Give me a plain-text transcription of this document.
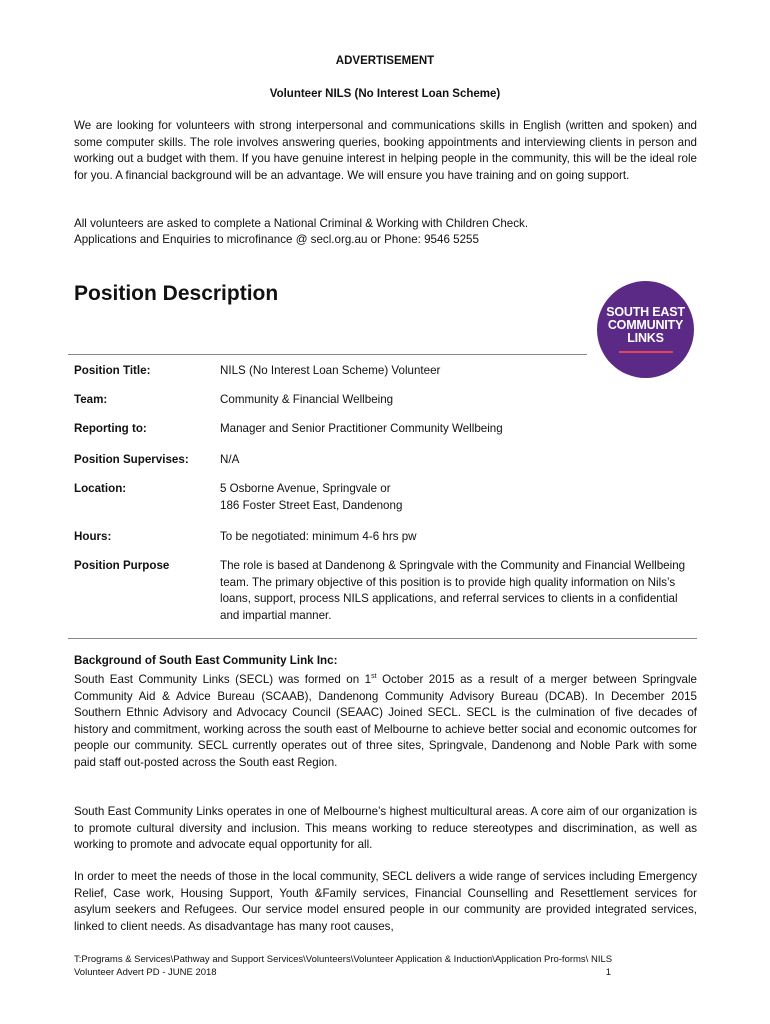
ADVERTISEMENT
Volunteer NILS (No Interest Loan Scheme)

We are looking for volunteers with strong interpersonal and communications skills in English (written and spoken) and some computer skills. The role involves answering queries, booking appointments and interviewing clients in person and working out a budget with them. If you have genuine interest in helping people in the community, this will be the ideal role for you. A financial background will be an advantage. We will ensure you have training and on going support.

All volunteers are asked to complete a National Criminal & Working with Children Check.

Applications and Enquiries to microfinance @ secl.org.au or Phone: 9546 5255

Position Description
SOUTH EAST
COMMUNITY
LINKS
Position Title:	NILS (No Interest Loan Scheme) Volunteer
Team:	Community & Financial Wellbeing
Reporting to:	Manager and Senior Practitioner Community Wellbeing
Position Supervises:	N/A
Location:	5 Osborne Avenue, Springvale or
186 Foster Street East, Dandenong
Hours:	To be negotiated: minimum 4-6 hrs pw
Position Purpose	The role is based at Dandenong & Springvale with the Community and Financial Wellbeing team. The primary objective of this position is to provide high quality information on Nils’s loans, support, process NILS applications, and referral services to clients in a confidential and impartial manner.
Background of South East Community Link Inc:

South East Community Links (SECL) was formed on 1st October 2015 as a result of a merger between Springvale Community Aid & Advice Bureau (SCAAB), Dandenong Community Advisory Bureau (DCAB). In December 2015 Southern Ethnic Advisory and Advocacy Council (SEAAC) Joined SECL. SECL is the culmination of five decades of history and commitment, working across the south east of Melbourne to achieve better social and economic outcomes for people our community. SECL currently operates out of three sites, Springvale, Dandenong and Noble Park with some paid staff out-posted across the South east Region.

South East Community Links operates in one of Melbourne’s highest multicultural areas. A core aim of our organization is to promote cultural diversity and inclusion. This means working to reduce stereotypes and discrimination, as well as working to promote and advocate equal opportunity for all.

In order to meet the needs of those in the local community, SECL delivers a wide range of services including Emergency Relief, Case work, Housing Support, Youth &Family services, Financial Counselling and Resettlement services for asylum seekers and Refugees. Our service model ensured people in our community are provided integrated services, linked to client needs. As disadvantage has many root causes,

T:Programs & Services\Pathway and Support Services\Volunteers\Volunteer Application & Induction\Application Pro-forms\ NILS
Volunteer Advert PD - JUNE 2018	1
